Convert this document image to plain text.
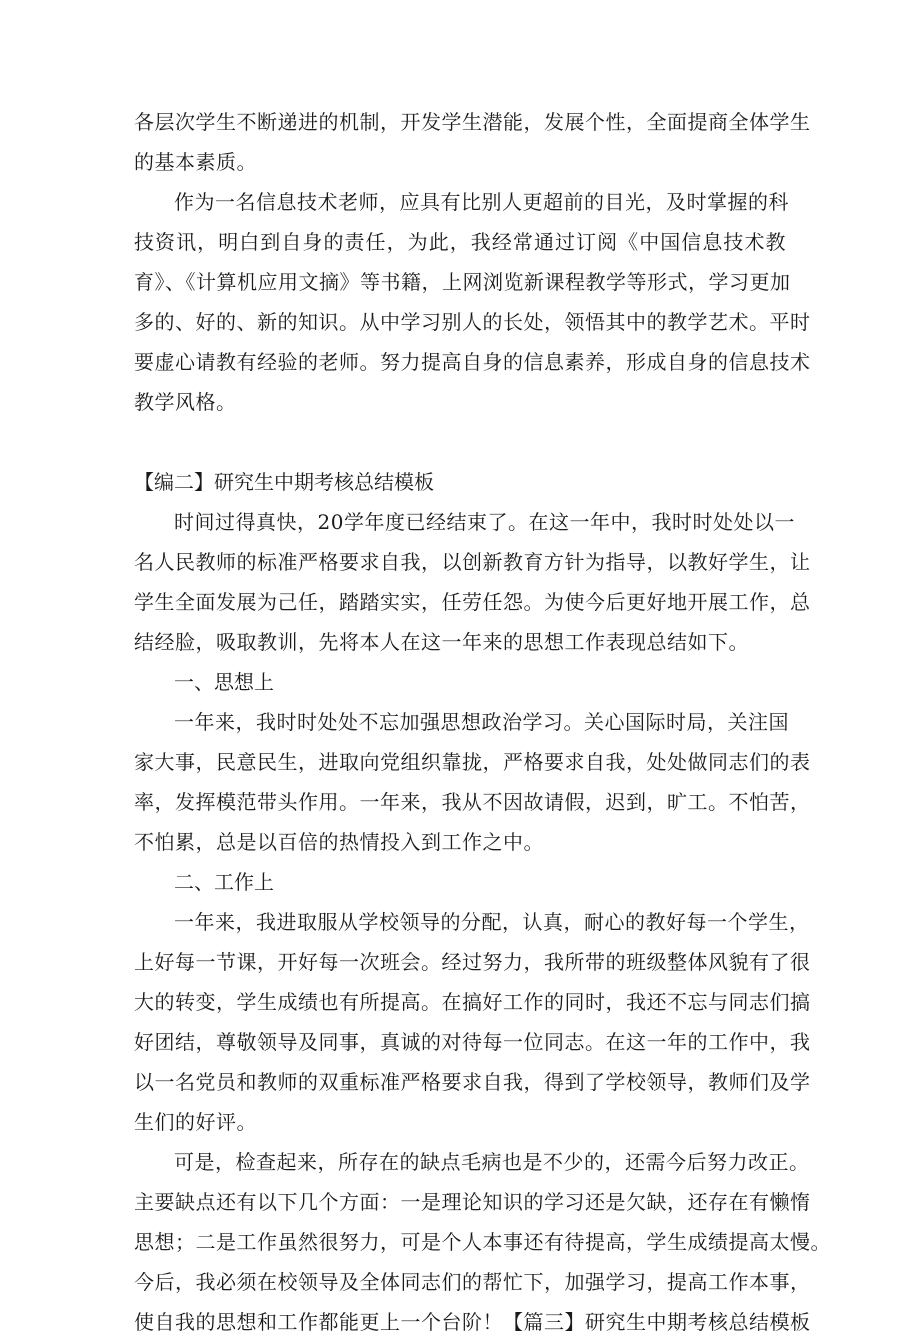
各层次学生不断递进的机制，开发学生潜能，发展个性，全面提商全体学生
的基本素质。
作为一名信息技术老师，应具有比别人更超前的目光，及时掌握的科
技资讯，明白到自身的责任，为此，我经常通过订阅《中国信息技术教
育》、《计算机应用文摘》等书籍，上网浏览新课程教学等形式，学习更加
多的、好的、新的知识。从中学习别人的长处，领悟其中的教学艺术。平时
要虚心请教有经验的老师。努力提高自身的信息素养，形成自身的信息技术
教学风格。
【编二】研究生中期考核总结模板
时间过得真快，20学年度已经结束了。在这一年中，我时时处处以一
名人民教师的标准严格要求自我，以创新教育方针为指导，以教好学生，让
学生全面发展为己任，踏踏实实，任劳任怨。为使今后更好地开展工作，总
结经脸，吸取教训，先将本人在这一年来的思想工作表现总结如下。
一、思想上
一年来，我时时处处不忘加强思想政治学习。关心国际时局，关注国
家大事，民意民生，进取向党组织靠拢，严格要求自我，处处做同志们的表
率，发挥模范带头作用。一年来，我从不因故请假，迟到，旷工。不怕苦，
不怕累，总是以百倍的热情投入到工作之中。
二、工作上
一年来，我进取服从学校领导的分配，认真，耐心的教好每一个学生，
上好每一节课，开好每一次班会。经过努力，我所带的班级整体风貌有了很
大的转变，学生成绩也有所提高。在搞好工作的同时，我还不忘与同志们搞
好团结，尊敬领导及同事，真诚的对待每一位同志。在这一年的工作中，我
以一名党员和教师的双重标准严格要求自我，得到了学校领导，教师们及学
生们的好评。
可是，检查起来，所存在的缺点毛病也是不少的，还需今后努力改正。
主要缺点还有以下几个方面：一是理论知识的学习还是欠缺，还存在有懒惰
思想；二是工作虽然很努力，可是个人本事还有待提高，学生成绩提高太慢。
今后，我必须在校领导及全体同志们的帮忙下，加强学习，提高工作本事，
使自我的思想和工作都能更上一个台阶！【篇三】研究生中期考核总结模板
